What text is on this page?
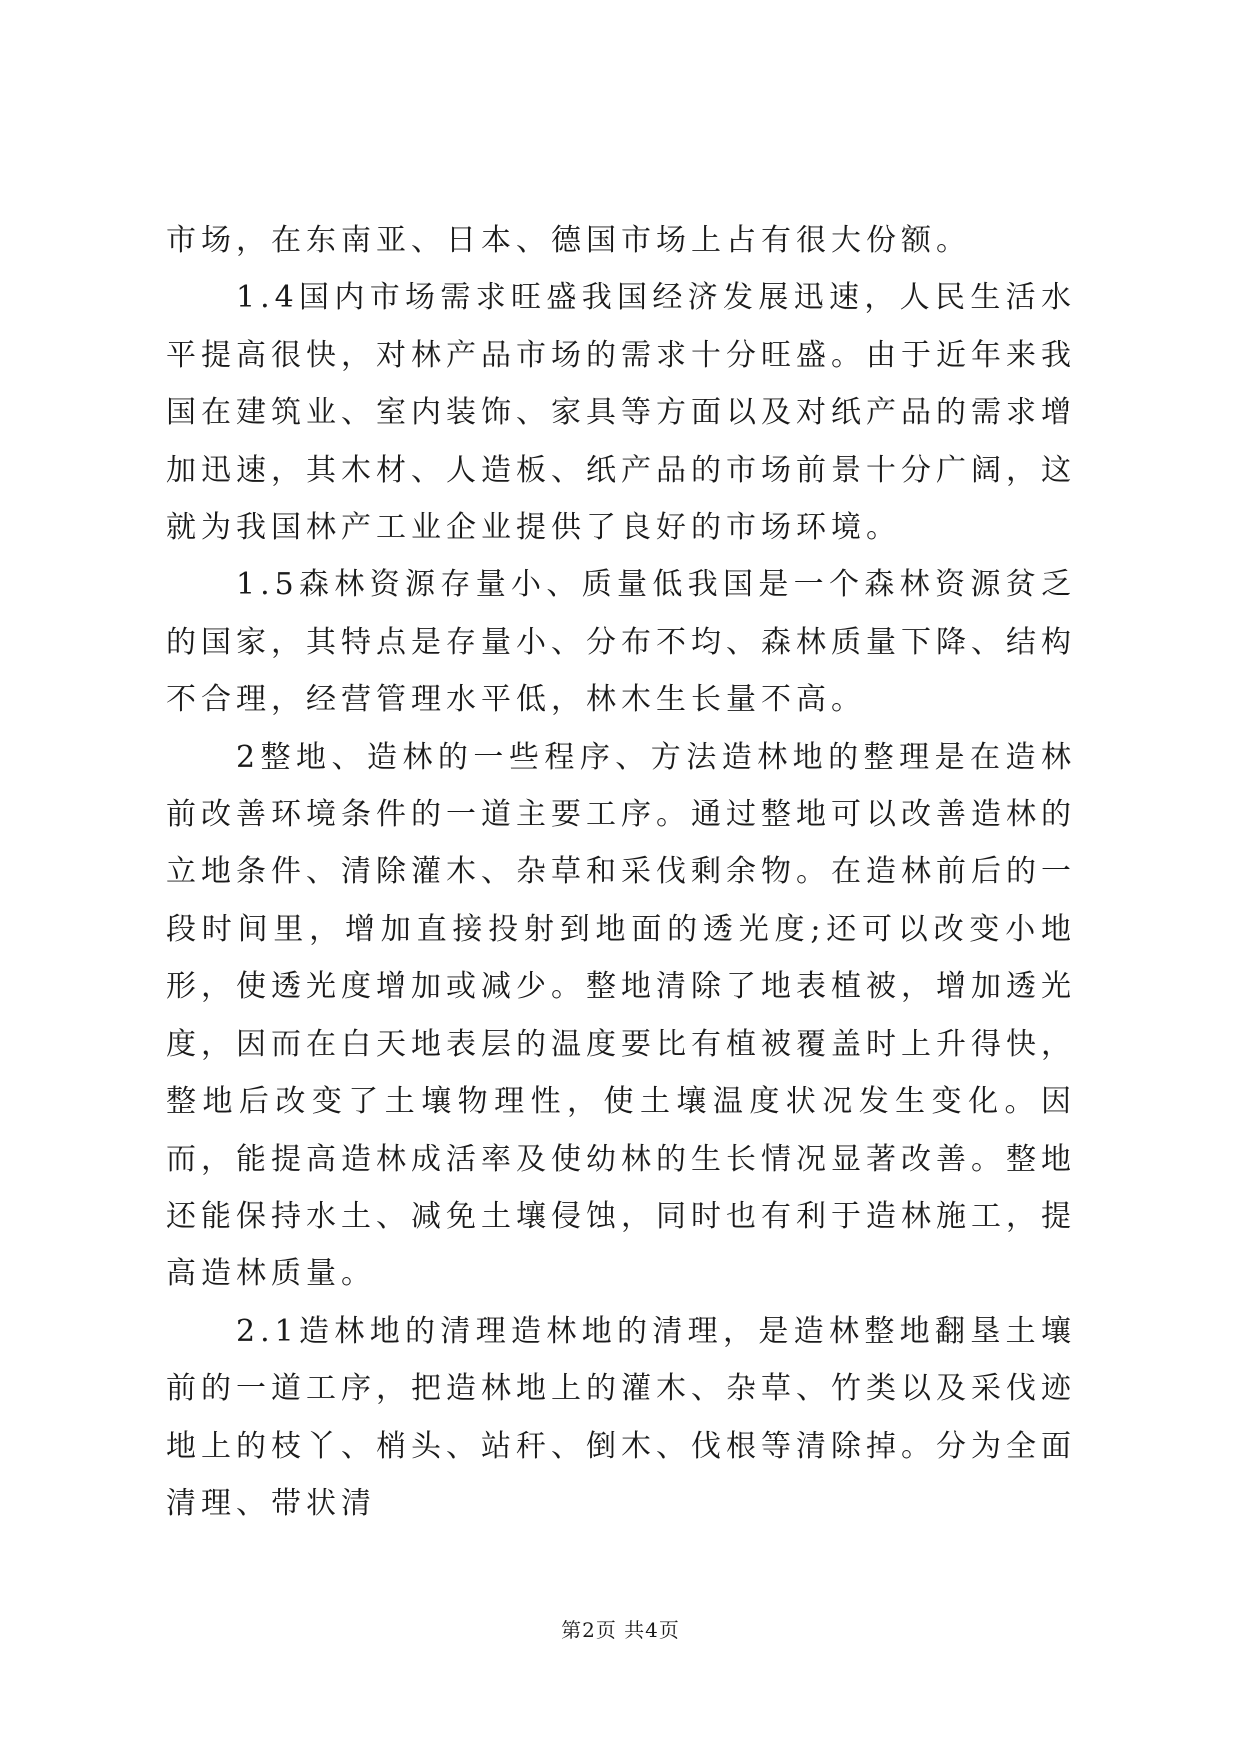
市场，在东南亚、日本、德国市场上占有很大份额。

1.4国内市场需求旺盛我国经济发展迅速，人民生活水平提高很快，对林产品市场的需求十分旺盛。由于近年来我国在建筑业、室内装饰、家具等方面以及对纸产品的需求增加迅速，其木材、人造板、纸产品的市场前景十分广阔，这就为我国林产工业企业提供了良好的市场环境。

1.5森林资源存量小、质量低我国是一个森林资源贫乏的国家，其特点是存量小、分布不均、森林质量下降、结构不合理，经营管理水平低，林木生长量不高。

2整地、造林的一些程序、方法造林地的整理是在造林前改善环境条件的一道主要工序。通过整地可以改善造林的立地条件、清除灌木、杂草和采伐剩余物。在造林前后的一段时间里，增加直接投射到地面的透光度;还可以改变小地形，使透光度增加或减少。整地清除了地表植被，增加透光度，因而在白天地表层的温度要比有植被覆盖时上升得快，整地后改变了土壤物理性，使土壤温度状况发生变化。因而，能提高造林成活率及使幼林的生长情况显著改善。整地还能保持水土、减免土壤侵蚀，同时也有利于造林施工，提高造林质量。

2.1造林地的清理造林地的清理，是造林整地翻垦土壤前的一道工序，把造林地上的灌木、杂草、竹类以及采伐迹地上的枝丫、梢头、站秆、倒木、伐根等清除掉。分为全面清理、带状清

第2页 共4页
